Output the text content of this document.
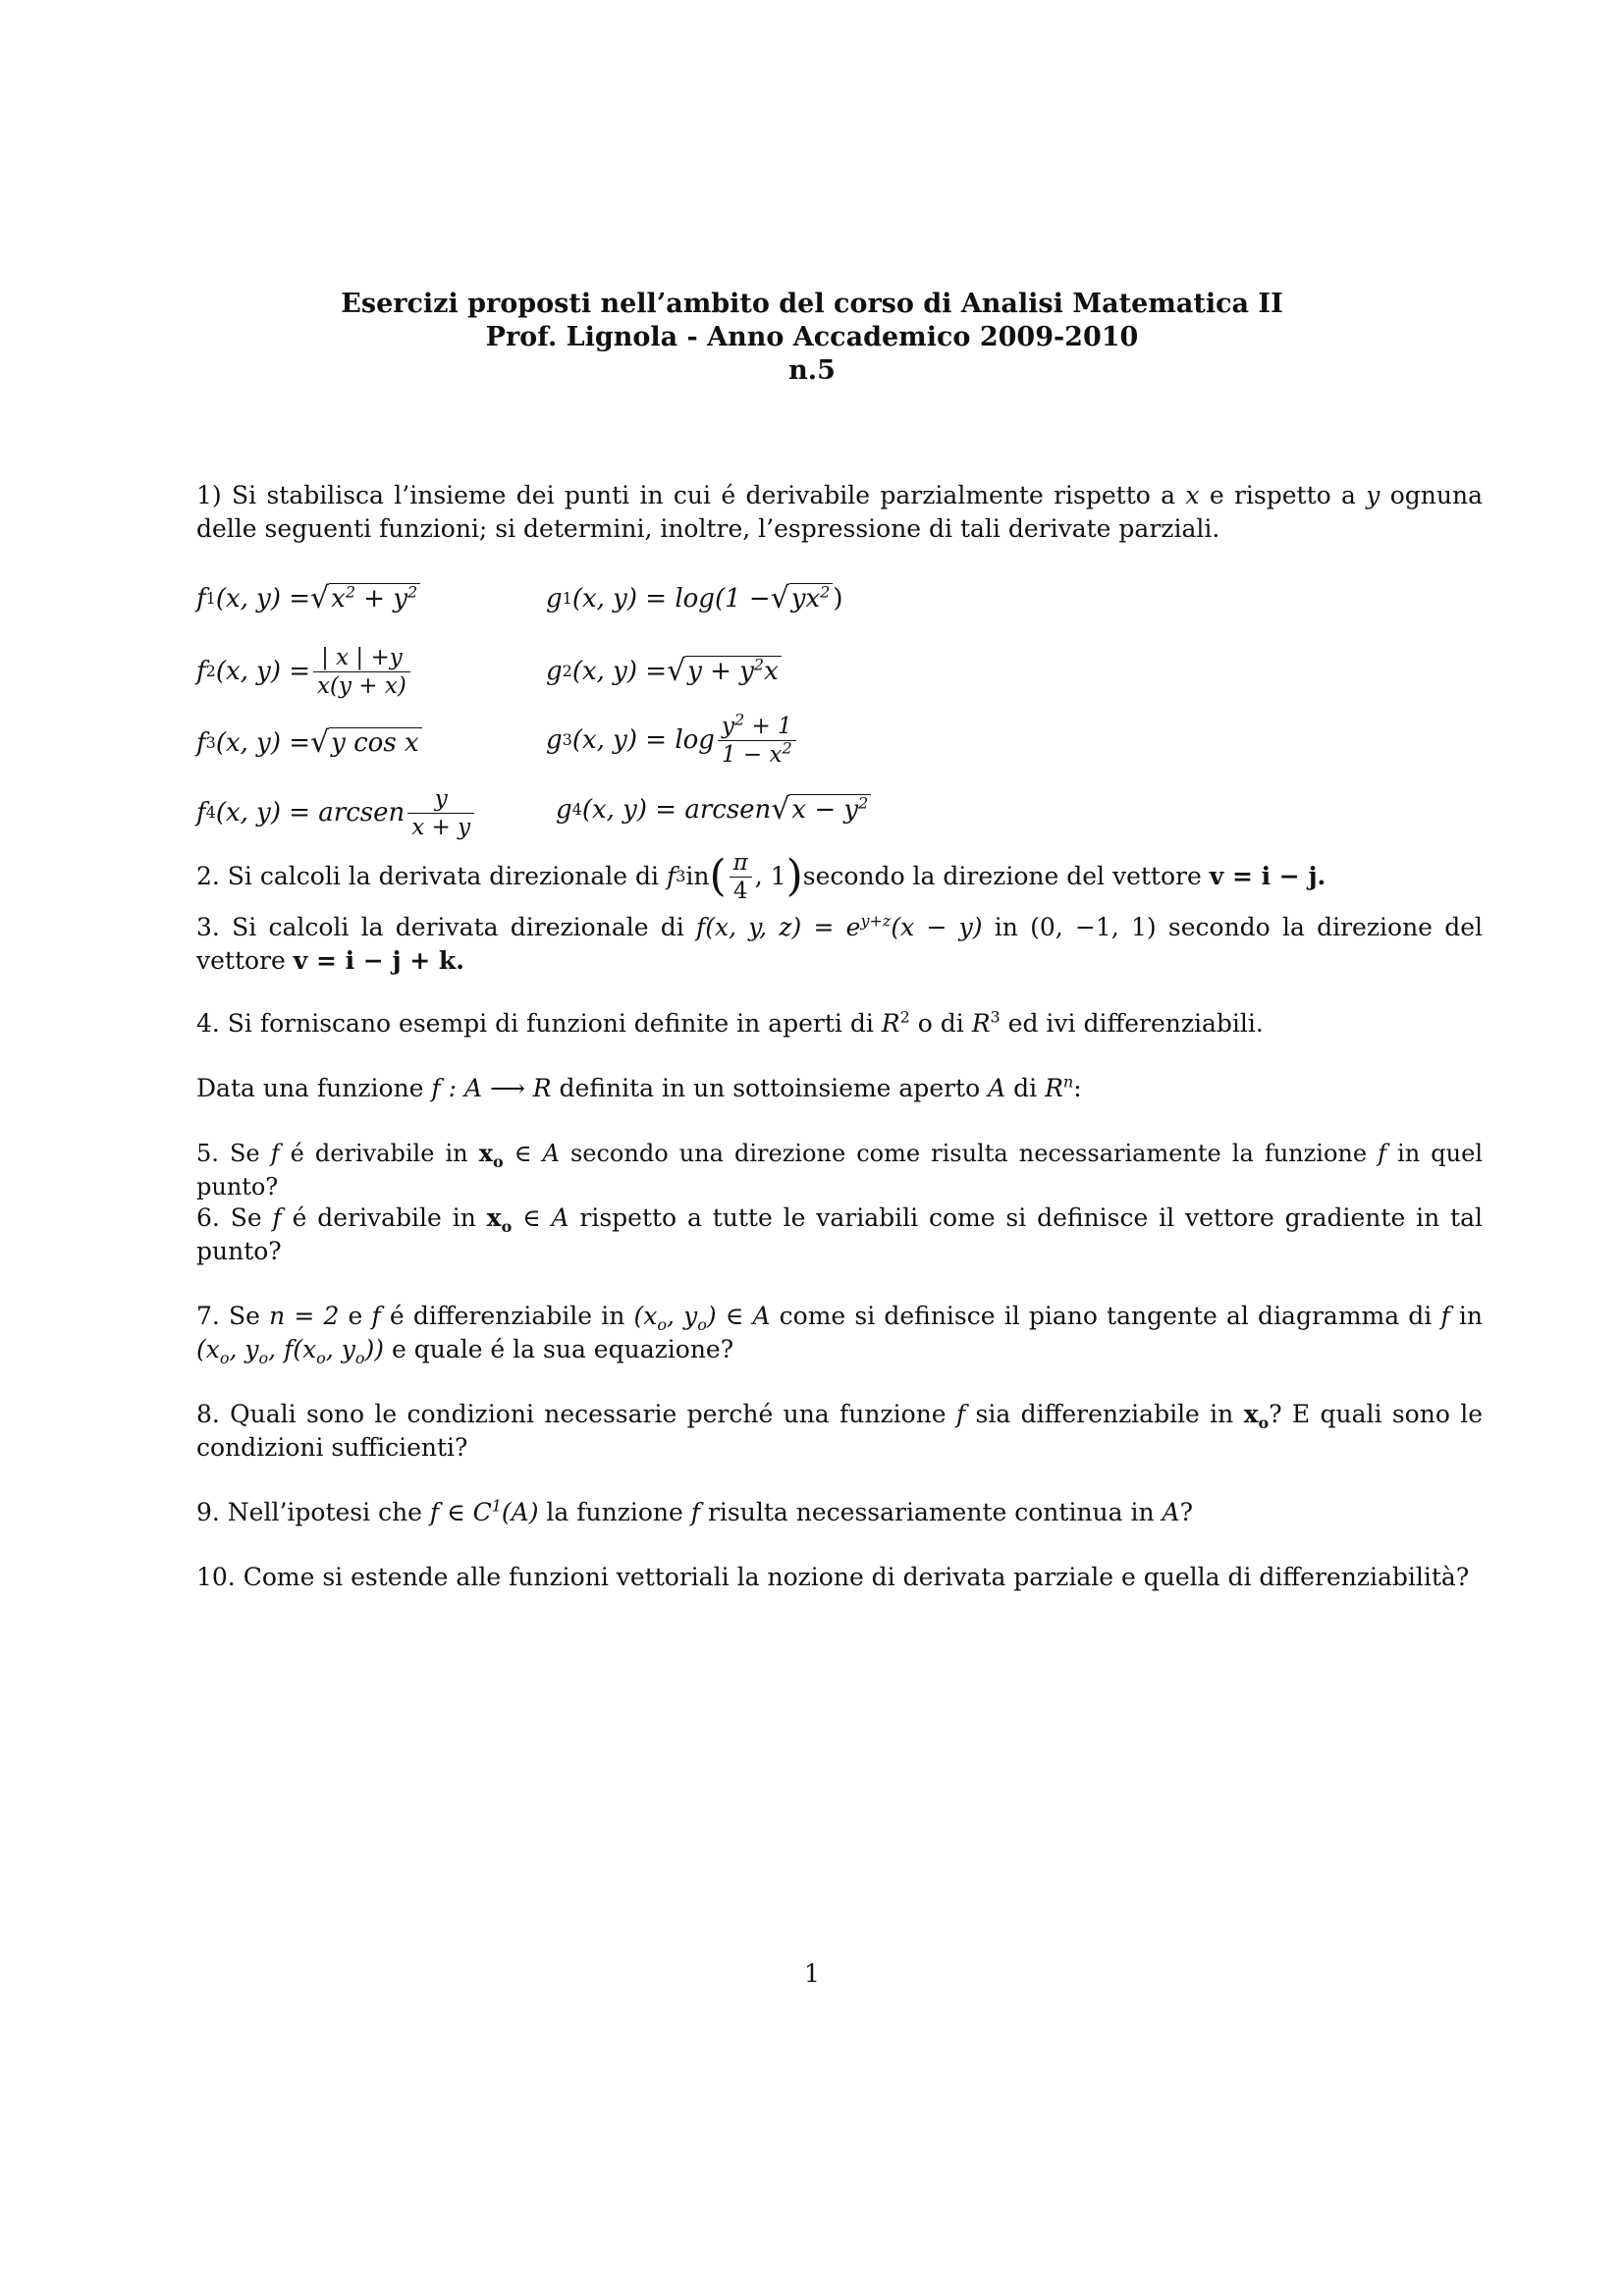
Esercizi proposti nell’ambito del corso di Analisi Matematica II
Prof. Lignola - Anno Accademico 2009-2010
n.5
1) Si stabilisca l’insieme dei punti in cui é derivabile parzialmente rispetto a x e rispetto a y ognuna delle seguenti funzioni; si determini, inoltre, l’espressione di tali derivate parziali.
f 1 (x, y) = √ $x^2 + y^2$
f 2 (x, $y) = \frac{| x | +y}{x(y + x)}$
f 3 (x, y) = √ y cos x
f 4 (x, y) = arcsen $\frac{y}{x + y}$
g 1 (x, y) = log(1 − √ $yx^2$ )
g 2 (x, y) = √ $y + y^2x$
g 3 (x, $y) = \log \frac{y^2 + 1}{1 - x^2}$
g 4 (x, y) = arcsen √ $x - y^2$
2. Si calcoli la derivata direzionale di
f 3 in ( $\frac{\pi}{4}$ , 1 ) secondo la direzione del vettore
v = i − j.
3. Si calcoli la derivata direzionale di f(x, y, $z) = e^{y+z}(x - y)$ in (0, −1, 1) secondo la direzione del vettore v = i − j + k.
4. Si forniscano esempi di funzioni definite in aperti di $R^2$ o di $R^3$ ed ivi differenziabili.
Data una funzione f : A ⟶ R definita in un sottoinsieme aperto A di $R^n$:
5. Se f é derivabile in $x_o$ ∈ A secondo una direzione come risulta necessariamente la funzione f in quel punto?
6. Se f é derivabile in $x_o$ ∈ A rispetto a tutte le variabili come si definisce il vettore gradiente in tal punto?
7. Se n = 2 e f é differenziabile in ($x_o$, $y_o$) ∈ A come si definisce il piano tangente al diagramma di f in ($x_o$, $y_o$, $f(x_o$, $y_o$)) e quale é la sua equazione?
8. Quali sono le condizioni necessarie perché una funzione f sia differenziabile in $x_o$? E quali sono le condizioni sufficienti?
9. Nell’ipotesi che f ∈ $C^1(A)$ la funzione f risulta necessariamente continua in A?
10. Come si estende alle funzioni vettoriali la nozione di derivata parziale e quella di differenziabilità?
1
